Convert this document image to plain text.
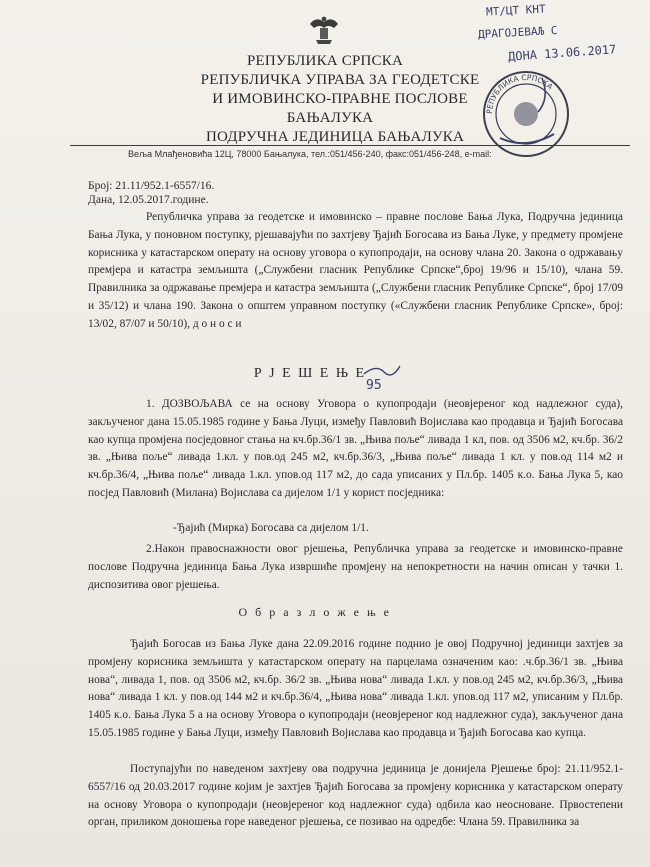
РЕПУБЛИКА СРПСКА
РЕПУБЛИЧКА УПРАВА ЗА ГЕОДЕТСКЕ
И ИМОВИНСКО-ПРАВНЕ ПОСЛОВЕ
БАЊАЛУКА
ПОДРУЧНА ЈЕДИНИЦА БАЊАЛУКА
Веља Млађеновића 12Ц, 78000 Бањалука, тел.:051/456-240, факс:051/456-248, е-mail:
МТ/ЦТ КНТ
ДРАГОЈЕВАЉ С
ДОНА 13.06.2017
РЕПУБЛИКА СРПСКА
Број: 21.11/952.1-6557/16.
Дана, 12.05.2017.године.

Републичка управа за геодетске и имовинско – правне послове Бања Лука, Подручна јединица Бања Лука, у поновном поступку, рјешавајући по захтјеву Ђајић Богосава из Бања Луке, у предмету промјене корисника у катастарском операту на основу уговора о купопродаји, на основу члана 20. Закона о одржавању премјера и катастра земљишта („Службени гласник Републике Српске“,број 19/96 и 15/10), члана 59. Правилника за одржавање премјера и катастра земљишта („Службени гласник Републике Српске“, број 17/09 и 35/12) и члана 190. Закона о општем управном поступку («Службени гласник Републике Српске», број: 13/02, 87/07 и 50/10), д о н о с и

Р Ј Е Ш Е Њ Е
95

1. ДОЗВОЉАВА се на основу Уговора о купопродаји (неовјереног код надлежног суда), закљученог дана 15.05.1985 године у Бања Луци, између Павловић Војислава као продавца и Ђајић Богосава као купца промјена посједовног стања на кч.бр.36/1 зв. „Њива поље“ ливада 1 кл, пов. од 3506 м2, кч.бр. 36/2 зв. „Њива поље“ ливада 1.кл. у пов.од 245 м2, кч.бр.36/3, „Њива поље“ ливада 1 кл. у пов.од 114 м2 и кч.бр.36/4, „Њива поље“ ливада 1.кл. упов.од 117 м2, до сада уписаних у Пл.бр. 1405 к.о. Бања Лука 5, као посјед Павловић (Милана) Војислава са дијелом 1/1 у корист посједника:

-Ђајић (Мирка) Богосава са дијелом 1/1.

2.Након правоснажности овог рјешења, Републичка управа за геодетске и имовинско-правне послове Подручна јединица Бања Лука извршиће промјену на непокретности на начин описан у тачки 1. диспозитива овог рјешења.

О б р а з л о ж е њ е

Ђајић Богосав из Бања Луке дана 22.09.2016 године поднио је овој Подручној јединици захтјев за промјену корисника земљишта у катастарском операту на парцелама означеним као: .ч.бр.36/1 зв. „Њива нова“, ливада 1, пов. од 3506 м2, кч.бр. 36/2 зв. „Њива нова“ ливада 1.кл. у пов.од 245 м2, кч.бр.36/3, „Њива нова“ ливада 1 кл. у пов.од 144 м2 и кч.бр.36/4, „Њива нова“ ливада 1.кл. упов.од 117 м2, уписаним у Пл.бр. 1405 к.о. Бања Лука 5 а на основу Уговора о купопродаји (неовјереног код надлежног суда), закљученог дана 15.05.1985 године у Бања Луци, између Павловић Војислава као продавца и Ђајић Богосава као купца.

Поступајући по наведеном захтјеву ова подручна јединица је донијела Рјешење број: 21.11/952.1-6557/16 од 20.03.2017 године којим је захтјев Ђајић Богосава за промјену корисника у катастарском операту на основу Уговора о купопродаји (неовјереног код надлежног суда) одбила као неосноване. Првостепени орган, приликом доношења горе наведеног рјешења, се позивао на одредбе: Члана 59. Правилника за
